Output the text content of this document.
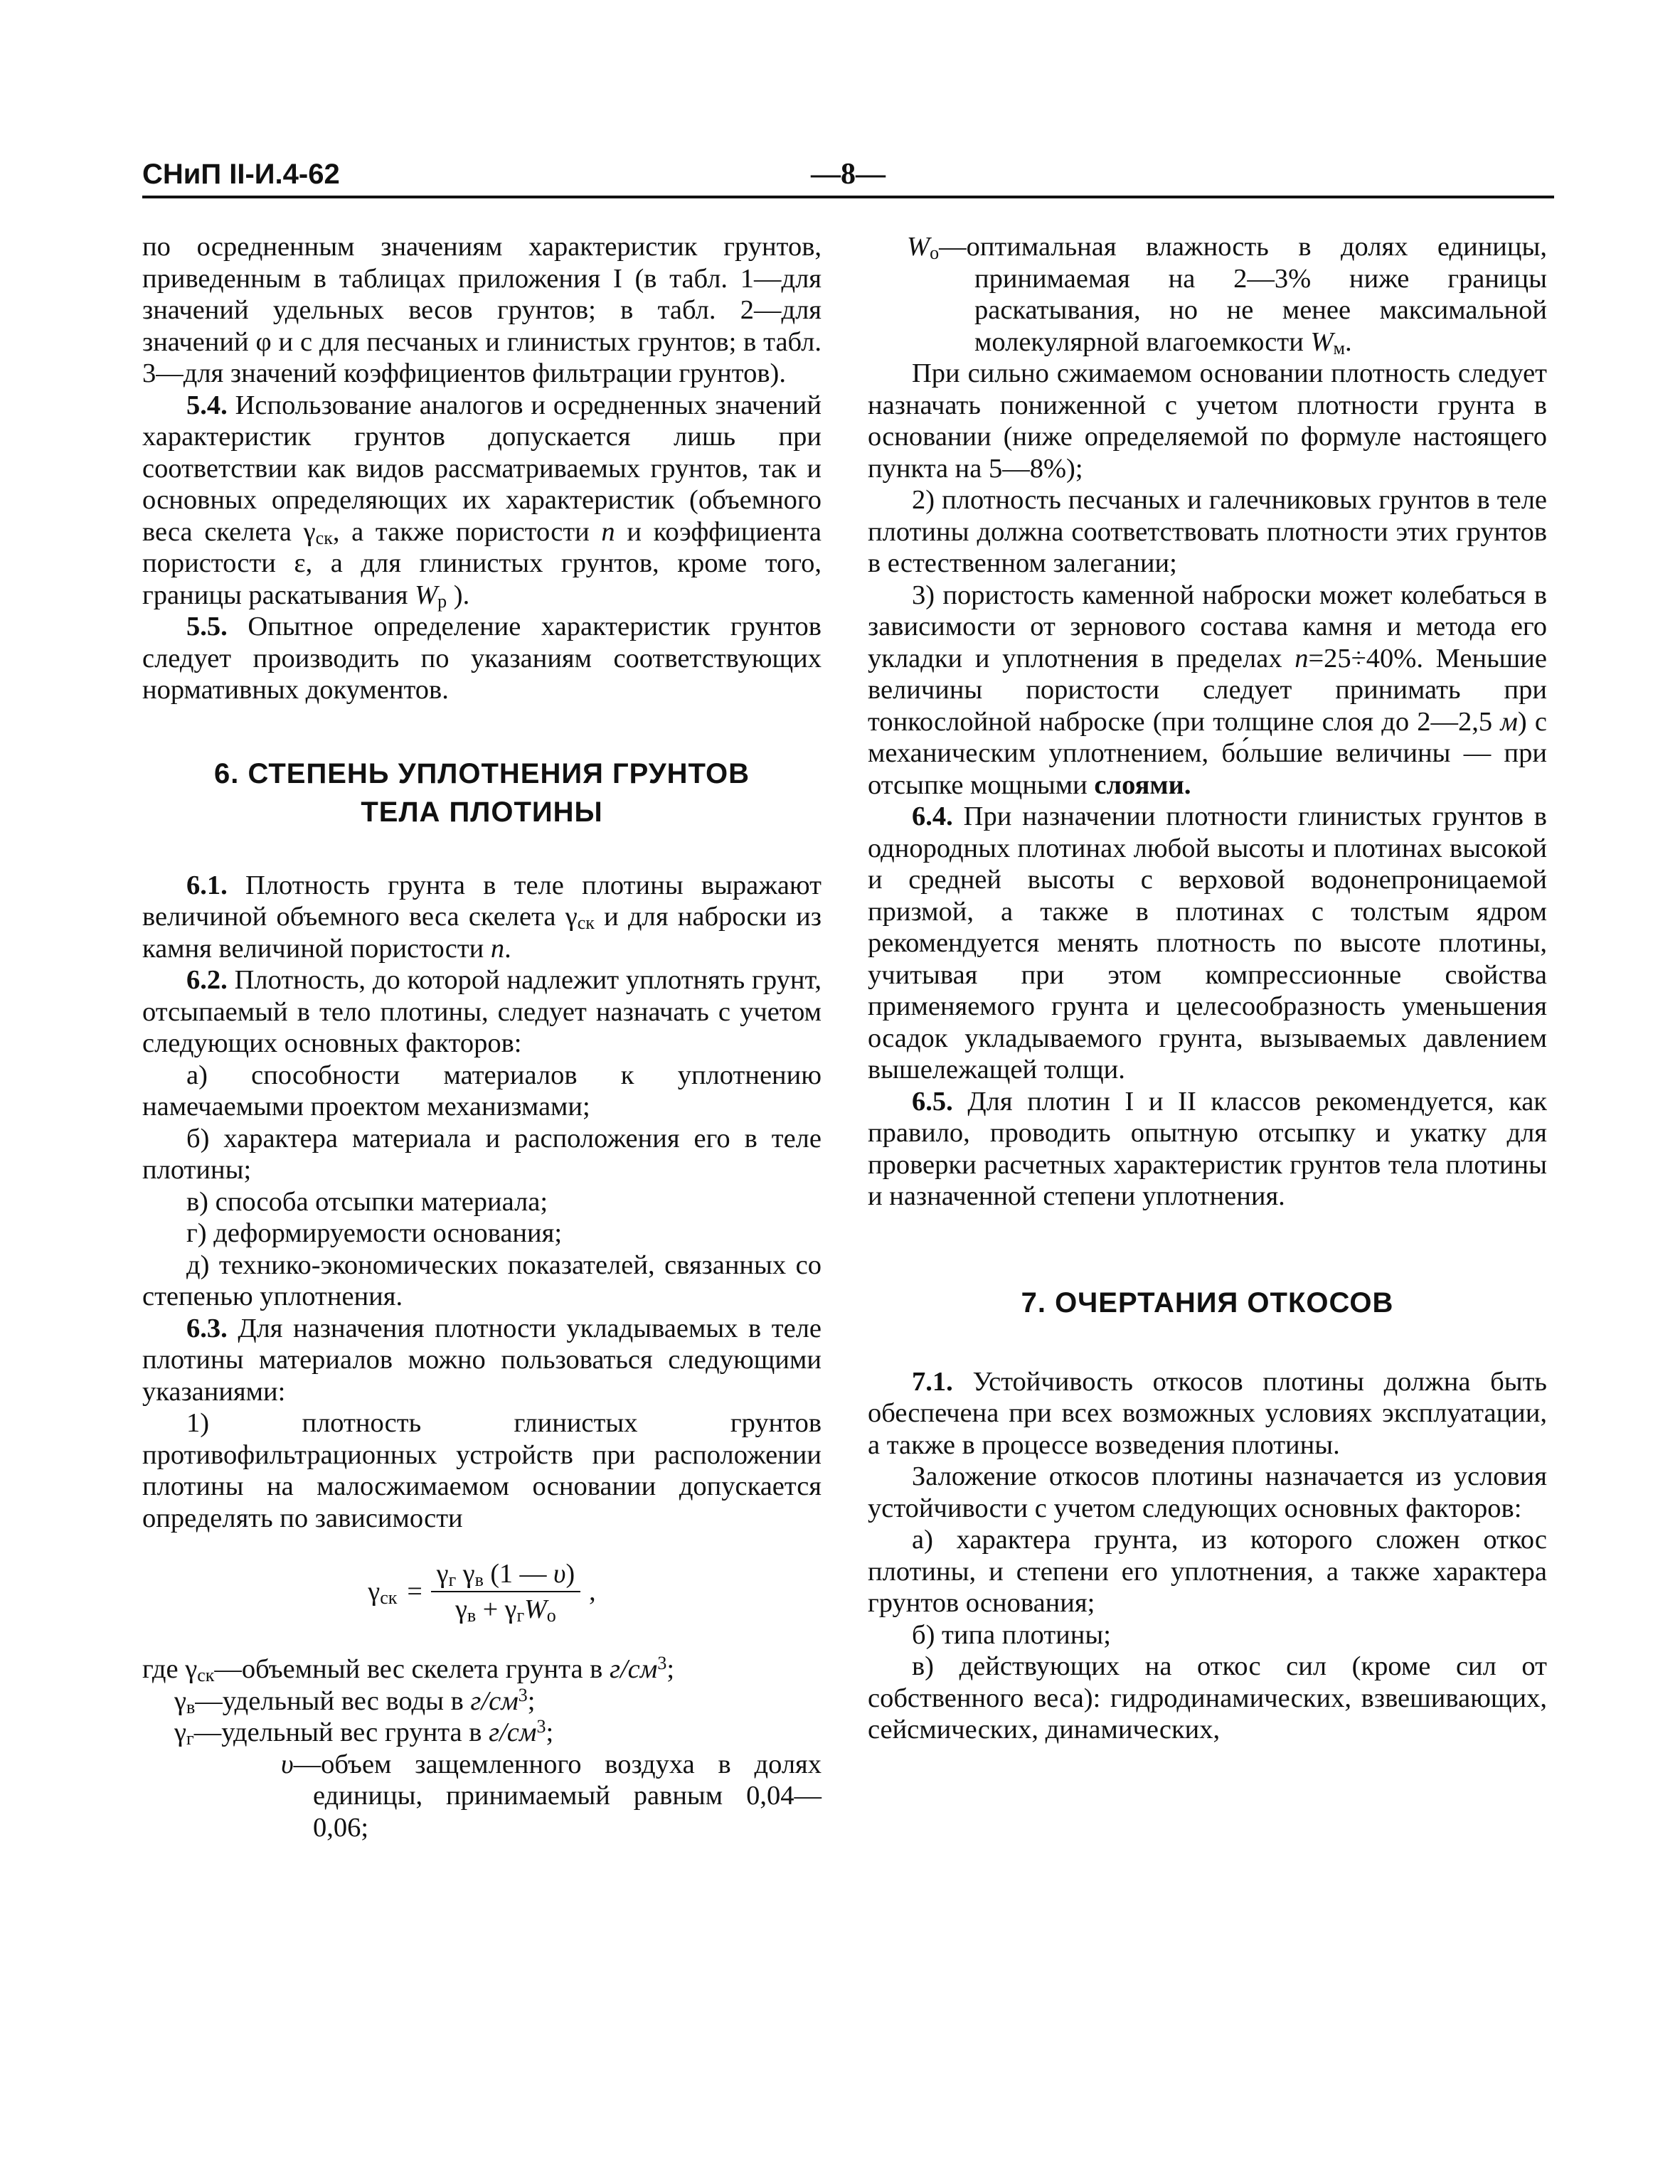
СНиП II-И.4-62	—8—

по осредненным значениям характеристик грунтов, приведенным в таблицах приложения I (в табл. 1—для значений удельных весов грунтов; в табл. 2—для значений φ и c для песчаных и глинистых грунтов; в табл. 3—для значений коэффициентов фильтрации грунтов).

5.4. Использование аналогов и осредненных значений характеристик грунтов допускается лишь при соответствии как видов рассматриваемых грунтов, так и основных определяющих их характеристик (объемного веса скелета $\gamma_{ск}$, а также пористости n и коэффициента пористости ε, а для глинистых грунтов, кроме того, границы раскатывания $W_р$ ).

5.5. Опытное определение характеристик грунтов следует производить по указаниям соответствующих нормативных документов.

6. СТЕПЕНЬ УПЛОТНЕНИЯ ГРУНТОВ
ТЕЛА ПЛОТИНЫ

6.1. Плотность грунта в теле плотины выражают величиной объемного веса скелета $\gamma_{ск}$ и для наброски из камня величиной пористости n.

6.2. Плотность, до которой надлежит уплотнять грунт, отсыпаемый в тело плотины, следует назначать с учетом следующих основных факторов:

а) способности материалов к уплотнению намечаемыми проектом механизмами;

б) характера материала и расположения его в теле плотины;

в) способа отсыпки материала;

г) деформируемости основания;

д) технико-экономических показателей, связанных со степенью уплотнения.

6.3. Для назначения плотности укладываемых в теле плотины материалов можно пользоваться следующими указаниями:

1) плотность глинистых грунтов противофильтрационных устройств при расположении плотины на малосжимаемом основании допускается определять по зависимости

$\gamma_{ск} = \frac{\gamma_г \gamma_в (1 — \upsilon)}{\gamma_в + \gamma_гW_о}$ ,

где $\gamma_{ск}—объемный$ вес скелета грунта в $г/см^3$;

$\gamma_в—удельный$ вес воды в $г/см^3$;

$\gamma_г—удельный$ вес грунта в $г/см^3$;

υ—объем защемленного воздуха в долях единицы, принимаемый равным 0,04—0,06;

$W_о—оптимальная$ влажность в долях единицы, принимаемая на 2—3% ниже границы раскатывания, но не менее максимальной молекулярной влагоемкости $W_м$.

При сильно сжимаемом основании плотность следует назначать пониженной с учетом плотности грунта в основании (ниже определяемой по формуле настоящего пункта на 5—8%);

2) плотность песчаных и галечниковых грунтов в теле плотины должна соответствовать плотности этих грунтов в естественном залегании;

3) пористость каменной наброски может колебаться в зависимости от зернового состава камня и метода его укладки и уплотнения в пределах n=25÷40%. Меньшие величины пористости следует принимать при тонкослойной наброске (при толщине слоя до 2—2,5 м) с механическим уплотнением, бо́льшие величины — при отсыпке мощными слоями.

6.4. При назначении плотности глинистых грунтов в однородных плотинах любой высоты и плотинах высокой и средней высоты с верховой водонепроницаемой призмой, а также в плотинах с толстым ядром рекомендуется менять плотность по высоте плотины, учитывая при этом компрессионные свойства применяемого грунта и целесообразность уменьшения осадок укладываемого грунта, вызываемых давлением вышележащей толщи.

6.5. Для плотин I и II классов рекомендуется, как правило, проводить опытную отсыпку и укатку для проверки расчетных характеристик грунтов тела плотины и назначенной степени уплотнения.

7. ОЧЕРТАНИЯ ОТКОСОВ

7.1. Устойчивость откосов плотины должна быть обеспечена при всех возможных условиях эксплуатации, а также в процессе возведения плотины.

Заложение откосов плотины назначается из условия устойчивости с учетом следующих основных факторов:

а) характера грунта, из которого сложен откос плотины, и степени его уплотнения, а также характера грунтов основания;

б) типа плотины;

в) действующих на откос сил (кроме сил от собственного веса): гидродинамических, взвешивающих, сейсмических, динамических,
